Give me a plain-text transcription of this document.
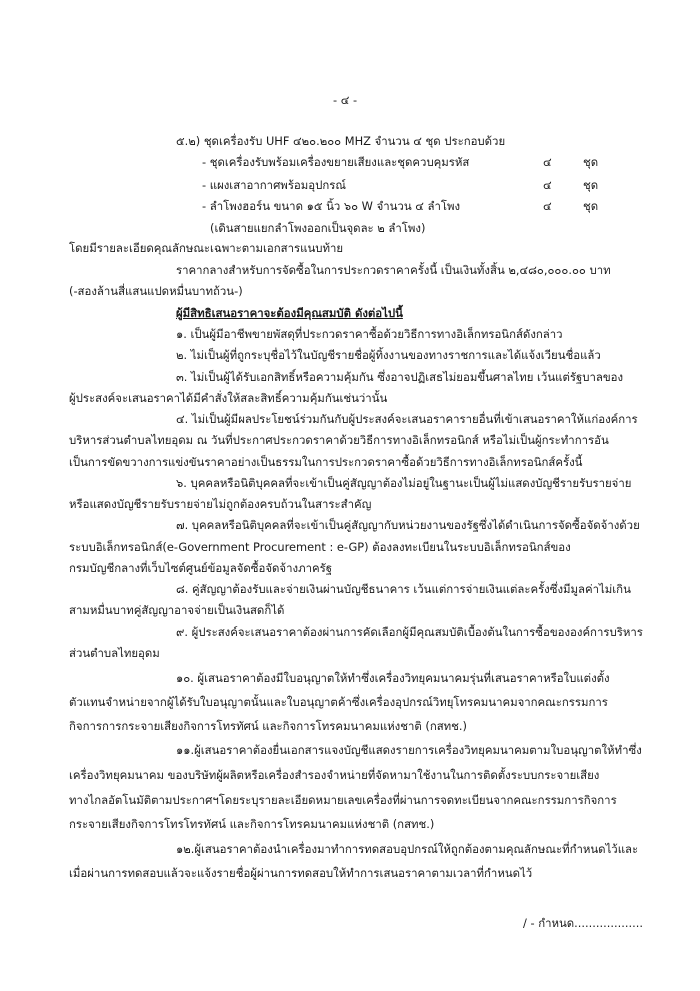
- ๔ -
๕.๒) ชุดเครื่องรับ UHF ๔๒๐.๒๐๐ MHZ จำนวน ๔ ชุด ประกอบด้วย
- ชุดเครื่องรับพร้อมเครื่องขยายเสียงและชุดควบคุมรหัส	๔	ชุด
- แผงเสาอากาศพร้อมอุปกรณ์	๔	ชุด
- ลำโพงฮอร์น ขนาด ๑๕ นิ้ว ๖๐ W จำนวน ๔ ลำโพง	๔	ชุด
(เดินสายแยกลำโพงออกเป็นจุดละ ๒ ลำโพง)
โดยมีรายละเอียดคุณลักษณะเฉพาะตามเอกสารแนบท้าย
ราคากลางสำหรับการจัดซื้อในการประกวดราคาครั้งนี้ เป็นเงินทั้งสิ้น ๒,๔๘๐,๐๐๐.๐๐ บาท
(-สองล้านสี่แสนแปดหมื่นบาทถ้วน-)
ผู้มีสิทธิเสนอราคาจะต้องมีคุณสมบัติ ดังต่อไปนี้
๑. เป็นผู้มีอาชีพขายพัสดุที่ประกวดราคาซื้อด้วยวิธีการทางอิเล็กทรอนิกส์ดังกล่าว
๒. ไม่เป็นผู้ที่ถูกระบุชื่อไว้ในบัญชีรายชื่อผู้ทิ้งงานของทางราชการและได้แจ้งเวียนชื่อแล้ว
๓. ไม่เป็นผู้ได้รับเอกสิทธิ์หรือความคุ้มกัน ซึ่งอาจปฏิเสธไม่ยอมขึ้นศาลไทย เว้นแต่รัฐบาลของ
ผู้ประสงค์จะเสนอราคาได้มีคำสั่งให้สละสิทธิ์ความคุ้มกันเช่นว่านั้น
๔. ไม่เป็นผู้มีผลประโยชน์ร่วมกันกับผู้ประสงค์จะเสนอราคารายอื่นที่เข้าเสนอราคาให้แก่องค์การ
บริหารส่วนตำบลไทยอุดม ณ วันที่ประกาศประกวดราคาด้วยวิธีการทางอิเล็กทรอนิกส์ หรือไม่เป็นผู้กระทำการอัน
เป็นการขัดขวางการแข่งขันราคาอย่างเป็นธรรมในการประกวดราคาซื้อด้วยวิธีการทางอิเล็กทรอนิกส์ครั้งนี้
๖. บุคคลหรือนิติบุคคลที่จะเข้าเป็นคู่สัญญาต้องไม่อยู่ในฐานะเป็นผู้ไม่แสดงบัญชีรายรับรายจ่าย
หรือแสดงบัญชีรายรับรายจ่ายไม่ถูกต้องครบถ้วนในสาระสำคัญ
๗. บุคคลหรือนิติบุคคลที่จะเข้าเป็นคู่สัญญากับหน่วยงานของรัฐซึ่งได้ดำเนินการจัดซื้อจัดจ้างด้วย
ระบบอิเล็กทรอนิกส์(e-Government Procurement : e-GP) ต้องลงทะเบียนในระบบอิเล็กทรอนิกส์ของ
กรมบัญชีกลางที่เว็บไซต์ศูนย์ข้อมูลจัดซื้อจัดจ้างภาครัฐ
๘. คู่สัญญาต้องรับและจ่ายเงินผ่านบัญชีธนาคาร เว้นแต่การจ่ายเงินแต่ละครั้งซึ่งมีมูลค่าไม่เกิน
สามหมื่นบาทคู่สัญญาอาจจ่ายเป็นเงินสดก็ได้
๙. ผู้ประสงค์จะเสนอราคาต้องผ่านการคัดเลือกผู้มีคุณสมบัติเบื้องต้นในการซื้อขององค์การบริหาร
ส่วนตำบลไทยอุดม
๑๐. ผู้เสนอราคาต้องมีใบอนุญาตให้ทำซึ่งเครื่องวิทยุคมนาคมรุ่นที่เสนอราคาหรือใบแต่งตั้ง
ตัวแทนจำหน่ายจากผู้ได้รับใบอนุญาตนั้นและใบอนุญาตค้าซึ่งเครื่องอุปกรณ์วิทยุโทรคมนาคมจากคณะกรรมการ
กิจการการกระจายเสียงกิจการโทรทัศน์ และกิจการโทรคมนาคมแห่งชาติ (กสทช.)
๑๑.ผู้เสนอราคาต้องยื่นเอกสารแจงบัญชีแสดงรายการเครื่องวิทยุคมนาคมตามใบอนุญาตให้ทำซึ่ง
เครื่องวิทยุคมนาคม ของบริษัทผู้ผลิตหรือเครื่องสำรองจำหน่ายที่จัดหามาใช้งานในการติดตั้งระบบกระจายเสียง
ทางไกลอัตโนมัติตามประกาศฯโดยระบุรายละเอียดหมายเลขเครื่องที่ผ่านการจดทะเบียนจากคณะกรรมการกิจการ
กระจายเสียงกิจการโทรโทรทัศน์ และกิจการโทรคมนาคมแห่งชาติ (กสทช.)
๑๒.ผู้เสนอราคาต้องนำเครื่องมาทำการทดสอบอุปกรณ์ให้ถูกต้องตามคุณลักษณะที่กำหนดไว้และ
เมื่อผ่านการทดสอบแล้วจะแจ้งรายชื่อผู้ผ่านการทดสอบให้ทำการเสนอราคาตามเวลาที่กำหนดไว้
/ - กำหนด...................
